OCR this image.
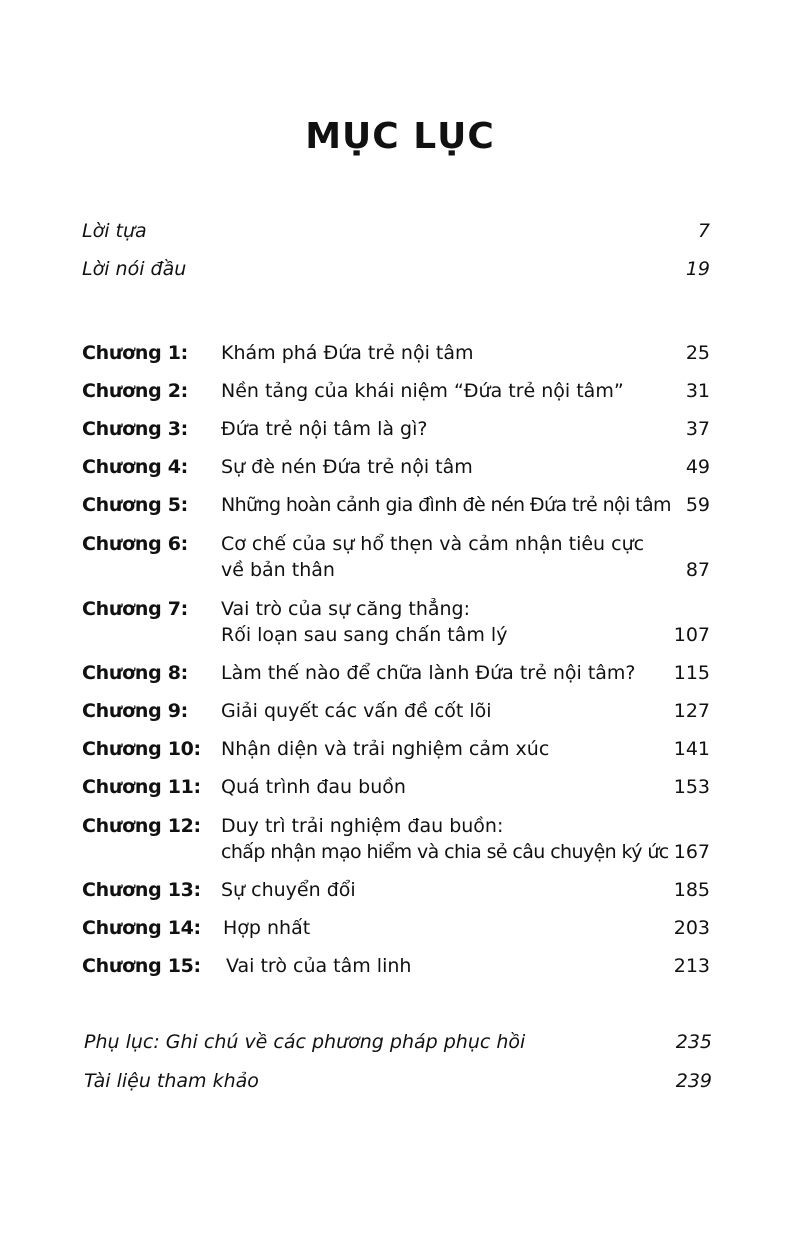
MỤC LỤC
Lời tựa	7
Lời nói đầu	19
Chương 1: Khám phá Đứa trẻ nội tâm	25
Chương 2: Nền tảng của khái niệm “Đứa trẻ nội tâm”	31
Chương 3: Đứa trẻ nội tâm là gì?	37
Chương 4: Sự đè nén Đứa trẻ nội tâm	49
Chương 5: Những hoàn cảnh gia đình đè nén Đứa trẻ nội tâm 59
Chương 6: Cơ chế của sự hổ thẹn và cảm nhận tiêu cực
về bản thân	87
Chương 7: Vai trò của sự căng thẳng:
Rối loạn sau sang chấn tâm lý	107
Chương 8: Làm thế nào để chữa lành Đứa trẻ nội tâm? 115
Chương 9: Giải quyết các vấn đề cốt lõi	127
Chương 10: Nhận diện và trải nghiệm cảm xúc	141
Chương 11: Quá trình đau buồn	153
Chương 12: Duy trì trải nghiệm đau buồn:
chấp nhận mạo hiểm và chia sẻ câu chuyện ký ức 167
Chương 13: Sự chuyển đổi	185
Chương 14: Hợp nhất	203
Chương 15: Vai trò của tâm linh	213
Phụ lục: Ghi chú về các phương pháp phục hồi	235
Tài liệu tham khảo	239
